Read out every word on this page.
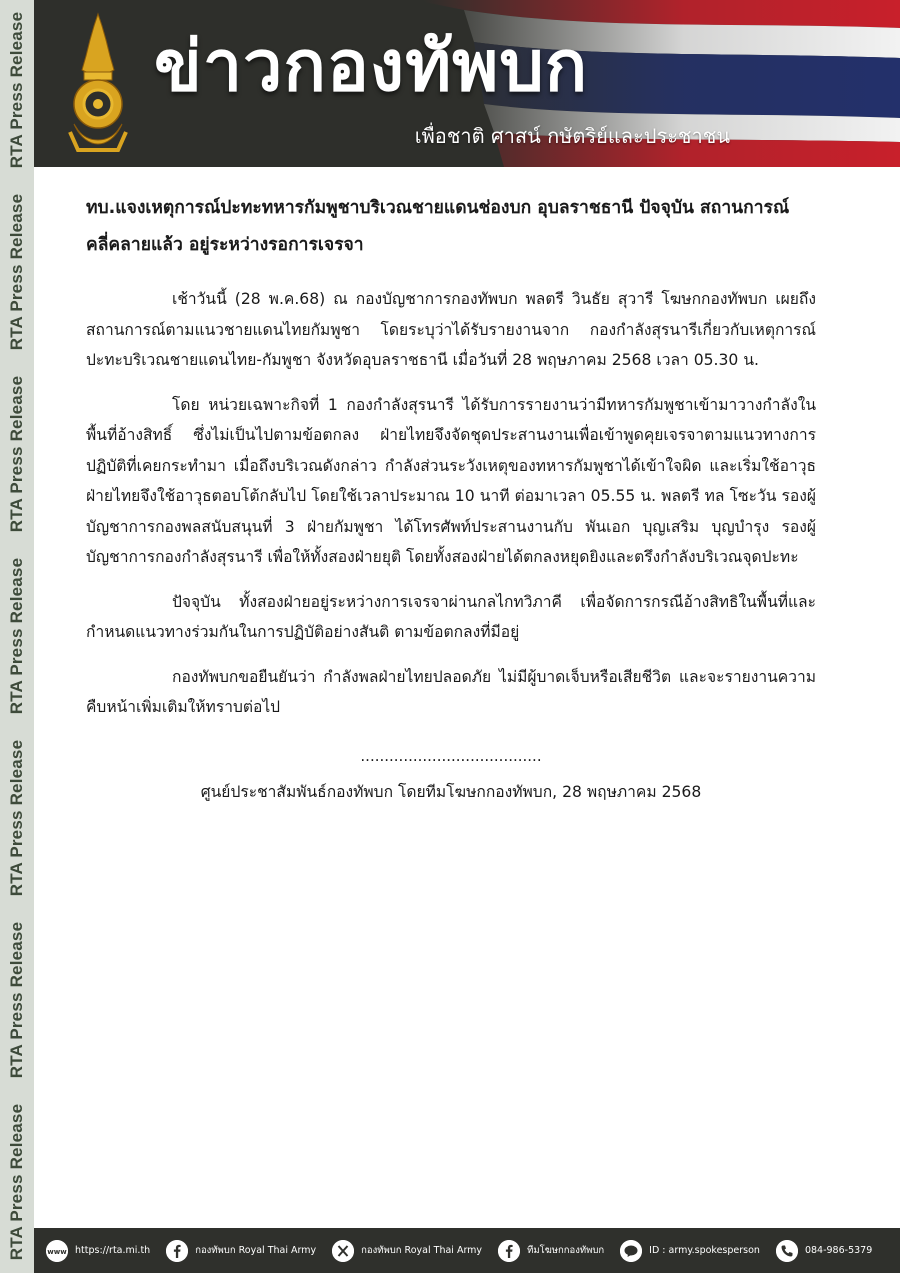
RTA Press Release
RTA Press Release
RTA Press Release
RTA Press Release
RTA Press Release
RTA Press Release
RTA Press Release
ข่าวกองทัพบก
เพื่อชาติ ศาสน์ กษัตริย์และประชาชน
ทบ.แจงเหตุการณ์ปะทะทหารกัมพูชาบริเวณชายแดนช่องบก อุบลราชธานี ปัจจุบัน สถานการณ์คลี่คลายแล้ว อยู่ระหว่างรอการเจรจา

เช้าวันนี้ (28 พ.ค.68) ณ กองบัญชาการกองทัพบก พลตรี วินธัย สุวารี โฆษกกองทัพบก เผยถึงสถานการณ์ตามแนวชายแดนไทยกัมพูชา โดยระบุว่าได้รับรายงานจาก กองกำลังสุรนารีเกี่ยวกับเหตุการณ์ปะทะบริเวณชายแดนไทย-กัมพูชา จังหวัดอุบลราชธานี เมื่อวันที่ 28 พฤษภาคม 2568 เวลา 05.30 น.

โดย หน่วยเฉพาะกิจที่ 1 กองกำลังสุรนารี ได้รับการรายงานว่ามีทหารกัมพูชาเข้ามาวางกำลังในพื้นที่อ้างสิทธิ์ ซึ่งไม่เป็นไปตามข้อตกลง ฝ่ายไทยจึงจัดชุดประสานงานเพื่อเข้าพูดคุยเจรจาตามแนวทางการปฏิบัติที่เคยกระทำมา เมื่อถึงบริเวณดังกล่าว กำลังส่วนระวังเหตุของทหารกัมพูชาได้เข้าใจผิด และเริ่มใช้อาวุธ ฝ่ายไทยจึงใช้อาวุธตอบโต้กลับไป โดยใช้เวลาประมาณ 10 นาที ต่อมาเวลา 05.55 น. พลตรี ทล โซะวัน รองผู้บัญชาการกองพลสนับสนุนที่ 3 ฝ่ายกัมพูชา ได้โทรศัพท์ประสานงานกับ พันเอก บุญเสริม บุญบำรุง รองผู้บัญชาการกองกำลังสุรนารี เพื่อให้ทั้งสองฝ่ายยุติ โดยทั้งสองฝ่ายได้ตกลงหยุดยิงและตรึงกำลังบริเวณจุดปะทะ

ปัจจุบัน ทั้งสองฝ่ายอยู่ระหว่างการเจรจาผ่านกลไกทวิภาคี เพื่อจัดการกรณีอ้างสิทธิในพื้นที่และกำหนดแนวทางร่วมกันในการปฏิบัติอย่างสันติ ตามข้อตกลงที่มีอยู่

กองทัพบกขอยืนยันว่า กำลังพลฝ่ายไทยปลอดภัย ไม่มีผู้บาดเจ็บหรือเสียชีวิต และจะรายงานความคืบหน้าเพิ่มเติมให้ทราบต่อไป

......................................
ศูนย์ประชาสัมพันธ์กองทัพบก โดยทีมโฆษกกองทัพบก, 28 พฤษภาคม 2568
www https://rta.mi.th	กองทัพบก Royal Thai Army	กองทัพบก Royal Thai Army	ทีมโฆษกกองทัพบก	ID : army.spokesperson	084-986-5379
